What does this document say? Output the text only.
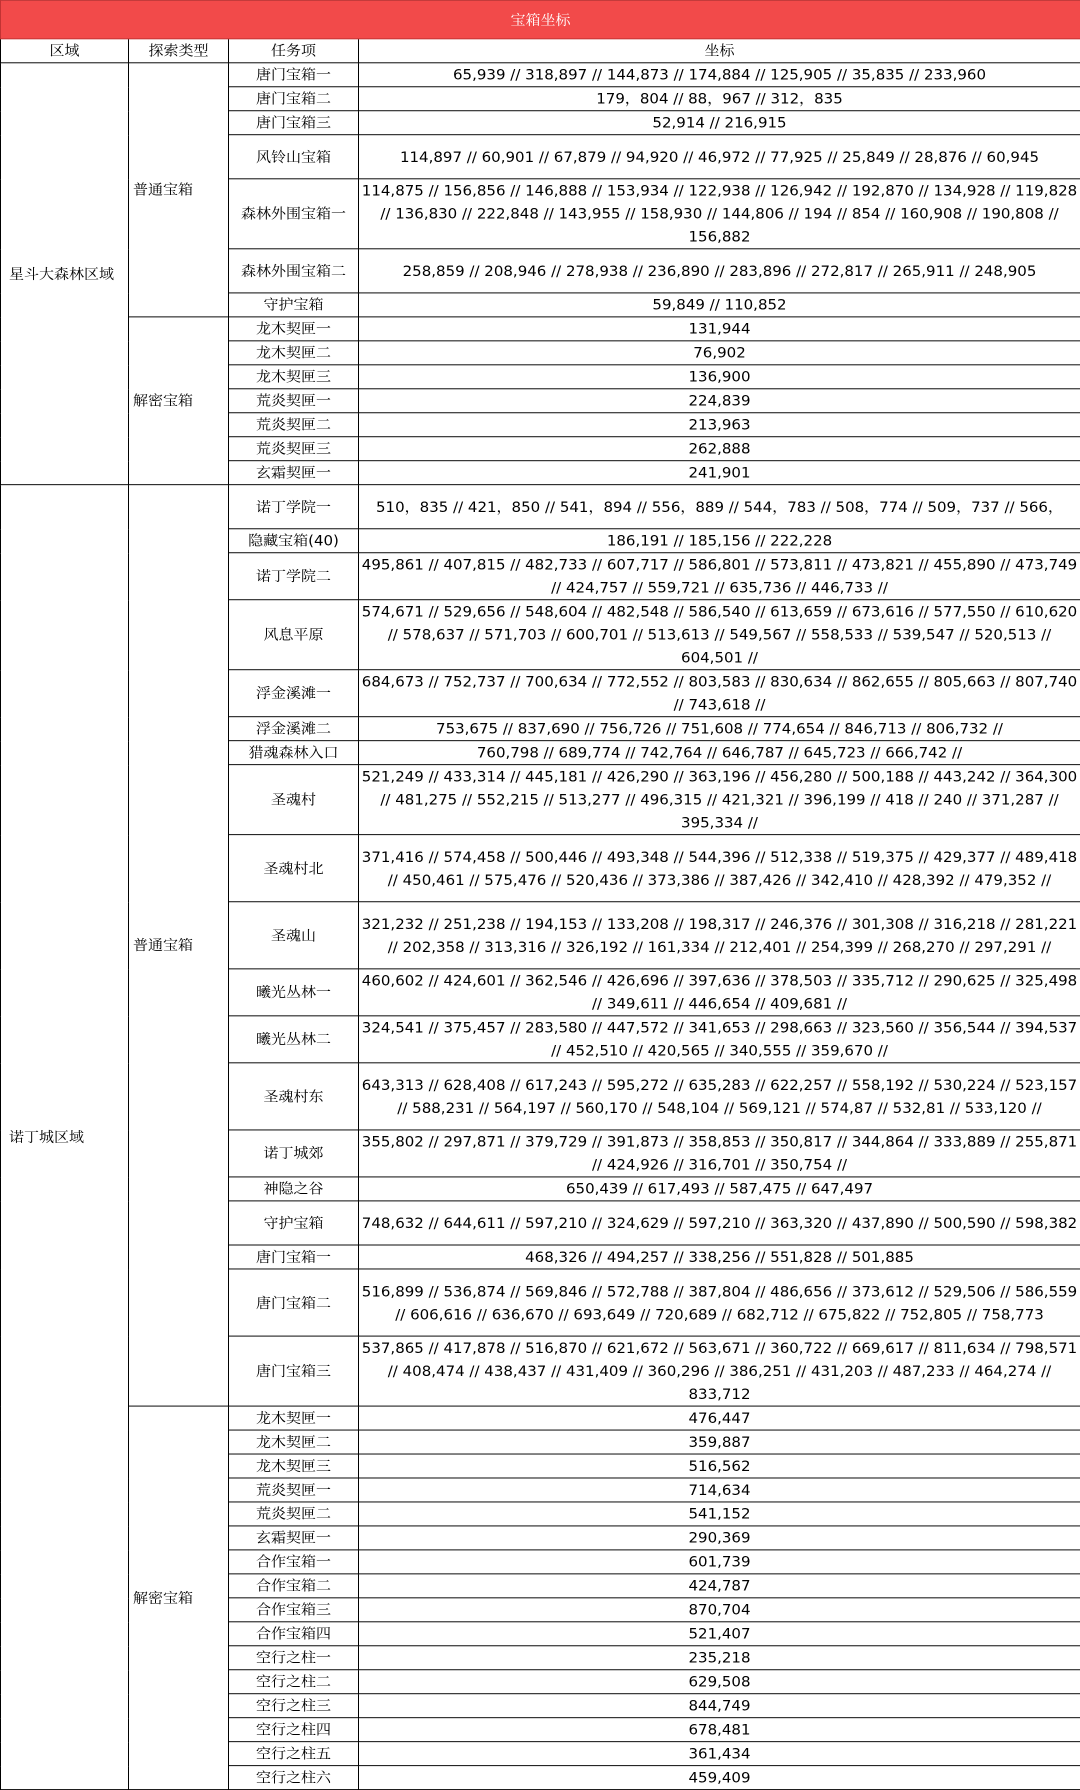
宝箱坐标			
区域	探索类型	任务项	坐标
星斗大森林区域	普通宝箱	唐门宝箱一	65,939 // 318,897 // 144,873 // 174,884 // 125,905 // 35,835 // 233,960
		唐门宝箱二	179，804 // 88，967 // 312，835
		唐门宝箱三	52,914 // 216,915
		风铃山宝箱	114,897 // 60,901 // 67,879 // 94,920 // 46,972 // 77,925 // 25,849 // 28,876 // 60,945
		森林外围宝箱一	114,875 // 156,856 // 146,888 // 153,934 // 122,938 // 126,942 // 192,870 // 134,928 // 119,828 // 136,830 // 222,848 // 143,955 // 158,930 // 144,806 // 194 // 854 // 160,908 // 190,808 // 156,882
		森林外围宝箱二	258,859 // 208,946 // 278,938 // 236,890 // 283,896 // 272,817 // 265,911 // 248,905
		守护宝箱	59,849 // 110,852
	解密宝箱	龙木契匣一	131,944
		龙木契匣二	76,902
		龙木契匣三	136,900
		荒炎契匣一	224,839
		荒炎契匣二	213,963
		荒炎契匣三	262,888
		玄霜契匣一	241,901
诺丁城区域	普通宝箱	诺丁学院一	510，835 // 421，850 // 541，894 // 556，889 // 544，783 // 508，774 // 509，737 // 566，
		隐藏宝箱(40)	186,191 // 185,156 // 222,228
		诺丁学院二	495,861 // 407,815 // 482,733 // 607,717 // 586,801 // 573,811 // 473,821 // 455,890 // 473,749 // 424,757 // 559,721 // 635,736 // 446,733 //
		风息平原	574,671 // 529,656 // 548,604 // 482,548 // 586,540 // 613,659 // 673,616 // 577,550 // 610,620 // 578,637 // 571,703 // 600,701 // 513,613 // 549,567 // 558,533 // 539,547 // 520,513 // 604,501 //
		浮金溪滩一	684,673 // 752,737 // 700,634 // 772,552 // 803,583 // 830,634 // 862,655 // 805,663 // 807,740 // 743,618 //
		浮金溪滩二	753,675 // 837,690 // 756,726 // 751,608 // 774,654 // 846,713 // 806,732 //
		猎魂森林入口	760,798 // 689,774 // 742,764 // 646,787 // 645,723 // 666,742 //
		圣魂村	521,249 // 433,314 // 445,181 // 426,290 // 363,196 // 456,280 // 500,188 // 443,242 // 364,300 // 481,275 // 552,215 // 513,277 // 496,315 // 421,321 // 396,199 // 418 // 240 // 371,287 // 395,334 //
		圣魂村北	371,416 // 574,458 // 500,446 // 493,348 // 544,396 // 512,338 // 519,375 // 429,377 // 489,418 // 450,461 // 575,476 // 520,436 // 373,386 // 387,426 // 342,410 // 428,392 // 479,352 //
		圣魂山	321,232 // 251,238 // 194,153 // 133,208 // 198,317 // 246,376 // 301,308 // 316,218 // 281,221 // 202,358 // 313,316 // 326,192 // 161,334 // 212,401 // 254,399 // 268,270 // 297,291 //
		曦光丛林一	460,602 // 424,601 // 362,546 // 426,696 // 397,636 // 378,503 // 335,712 // 290,625 // 325,498 // 349,611 // 446,654 // 409,681 //
		曦光丛林二	324,541 // 375,457 // 283,580 // 447,572 // 341,653 // 298,663 // 323,560 // 356,544 // 394,537 // 452,510 // 420,565 // 340,555 // 359,670 //
		圣魂村东	643,313 // 628,408 // 617,243 // 595,272 // 635,283 // 622,257 // 558,192 // 530,224 // 523,157 // 588,231 // 564,197 // 560,170 // 548,104 // 569,121 // 574,87 // 532,81 // 533,120 //
		诺丁城郊	355,802 // 297,871 // 379,729 // 391,873 // 358,853 // 350,817 // 344,864 // 333,889 // 255,871 // 424,926 // 316,701 // 350,754 //
		神隐之谷	650,439 // 617,493 // 587,475 // 647,497
		守护宝箱	748,632 // 644,611 // 597,210 // 324,629 // 597,210 // 363,320 // 437,890 // 500,590 // 598,382
		唐门宝箱一	468,326 // 494,257 // 338,256 // 551,828 // 501,885
		唐门宝箱二	516,899 // 536,874 // 569,846 // 572,788 // 387,804 // 486,656 // 373,612 // 529,506 // 586,559 // 606,616 // 636,670 // 693,649 // 720,689 // 682,712 // 675,822 // 752,805 // 758,773
		唐门宝箱三	537,865 // 417,878 // 516,870 // 621,672 // 563,671 // 360,722 // 669,617 // 811,634 // 798,571 // 408,474 // 438,437 // 431,409 // 360,296 // 386,251 // 431,203 // 487,233 // 464,274 // 833,712
	解密宝箱	龙木契匣一	476,447
		龙木契匣二	359,887
		龙木契匣三	516,562
		荒炎契匣一	714,634
		荒炎契匣二	541,152
		玄霜契匣一	290,369
		合作宝箱一	601,739
		合作宝箱二	424,787
		合作宝箱三	870,704
		合作宝箱四	521,407
		空行之柱一	235,218
		空行之柱二	629,508
		空行之柱三	844,749
		空行之柱四	678,481
		空行之柱五	361,434
		空行之柱六	459,409
